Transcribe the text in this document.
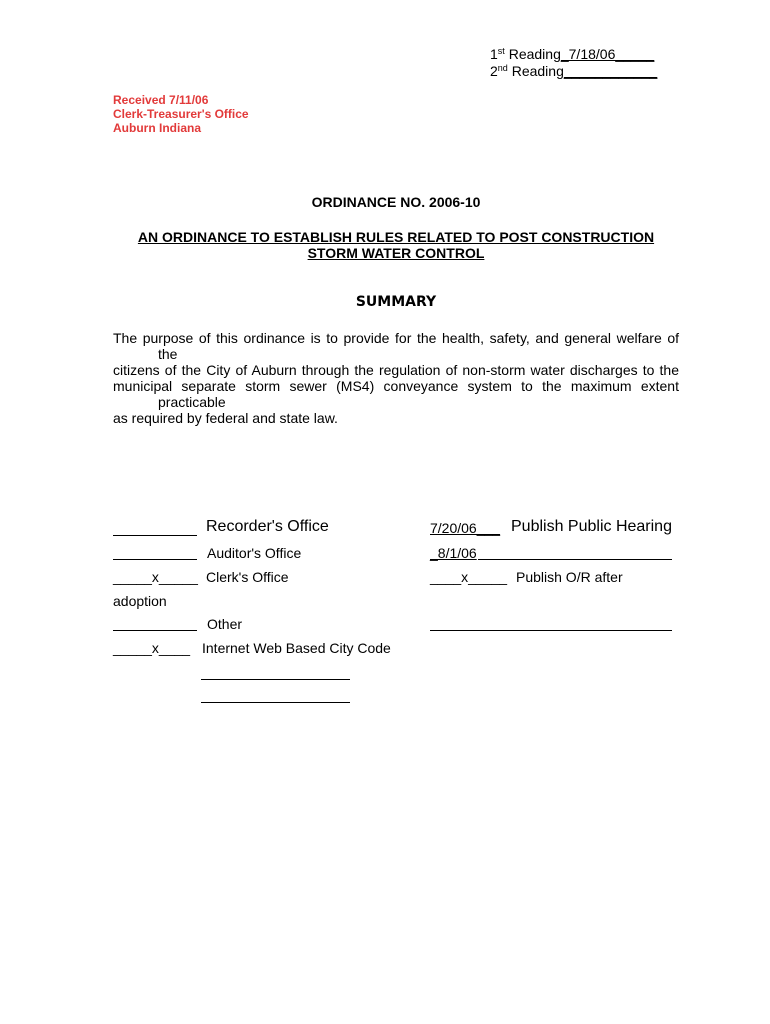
1st Reading_7/18/06_____
2nd Reading____________
Received 7/11/06
Clerk-Treasurer's Office
Auburn Indiana
ORDINANCE NO. 2006-10
AN ORDINANCE TO ESTABLISH RULES RELATED TO POST CONSTRUCTION
STORM WATER CONTROL
SUMMARY

The purpose of this ordinance is to provide for the health, safety, and general welfare of

the

citizens of the City of Auburn through the regulation of non-storm water discharges to the

municipal separate storm sewer (MS4) conveyance system to the maximum extent

practicable

as required by federal and state law.

Recorder's Office
Auditor's Office
_____x_____ Clerk's Office
adoption
Other
_____x____ Internet Web Based City Code
7/20/06___ Publish Public Hearing
_8/1/06
____x_____ Publish O/R after
